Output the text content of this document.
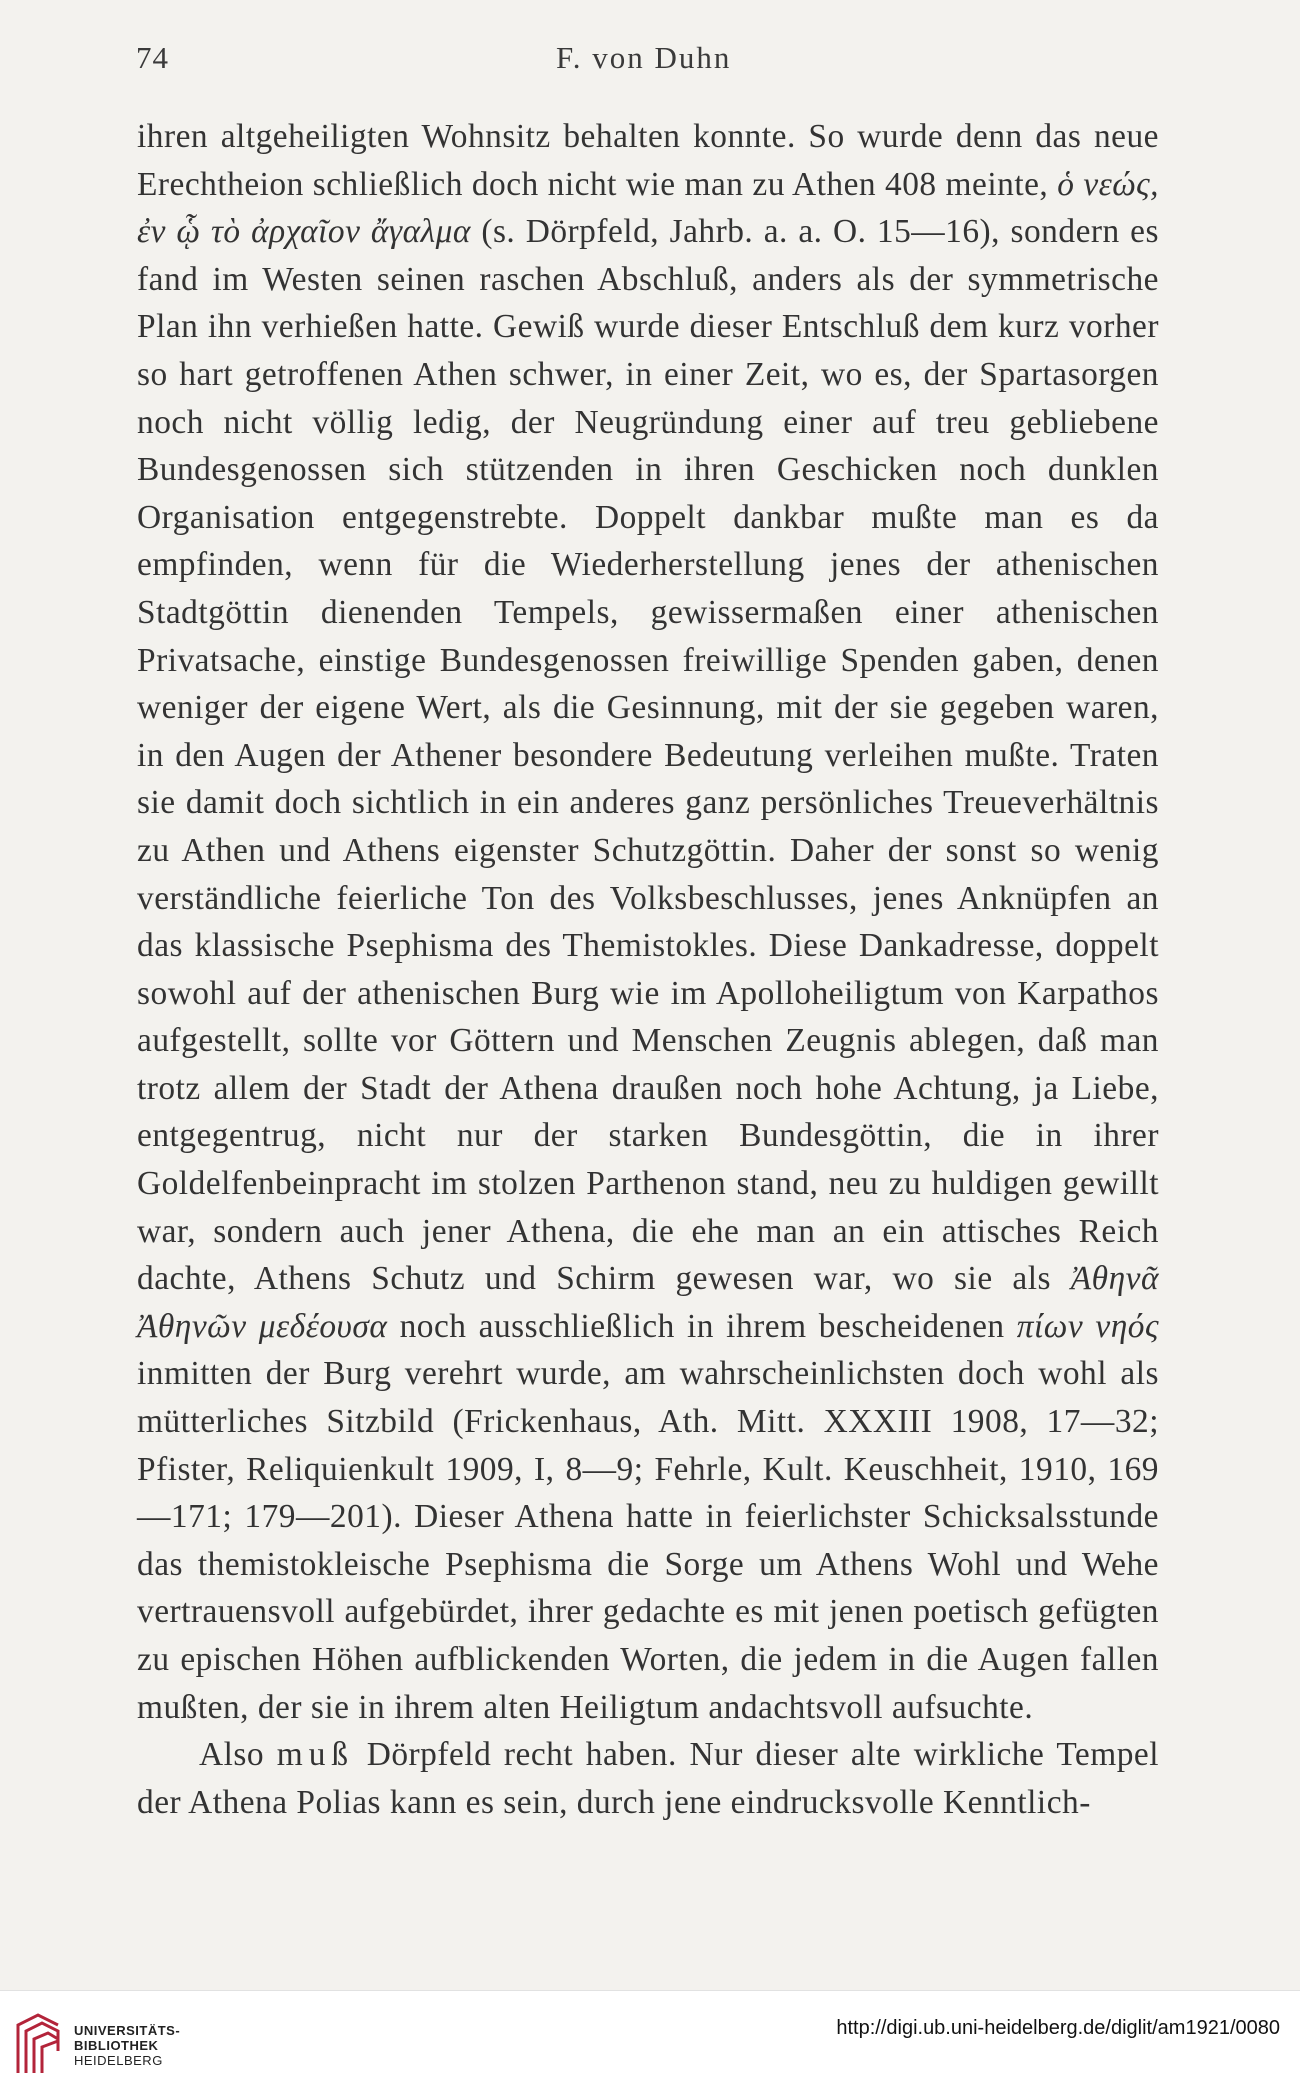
74	F. von Duhn

ihren altgeheiligten Wohnsitz behalten konnte. So wurde denn das neue Erechtheion schließlich doch nicht wie man zu Athen 408 meinte, ὁ νεώς, ἐν ᾧ τὸ ἀρχαῖον ἄγαλμα (s. Dörpfeld, Jahrb. a. a. O. 15—16), sondern es fand im Westen seinen raschen Abschluß, anders als der symmetrische Plan ihn verhießen hatte. Gewiß wurde dieser Entschluß dem kurz vorher so hart getroffenen Athen schwer, in einer Zeit, wo es, der Spartasorgen noch nicht völlig ledig, der Neugründung einer auf treu gebliebene Bundesgenossen sich stützenden in ihren Geschicken noch dunklen Organisation entgegenstrebte. Doppelt dankbar mußte man es da empfinden, wenn für die Wiederherstellung jenes der athenischen Stadtgöttin dienenden Tempels, gewissermaßen einer athenischen Privatsache, einstige Bundesgenossen freiwillige Spenden gaben, denen weniger der eigene Wert, als die Gesinnung, mit der sie gegeben waren, in den Augen der Athener besondere Bedeutung verleihen mußte. Traten sie damit doch sichtlich in ein anderes ganz persönliches Treueverhältnis zu Athen und Athens eigenster Schutzgöttin. Daher der sonst so wenig verständliche feierliche Ton des Volksbeschlusses, jenes Anknüpfen an das klassische Psephisma des Themistokles. Diese Dankadresse, doppelt sowohl auf der athenischen Burg wie im Apolloheiligtum von Karpathos aufgestellt, sollte vor Göttern und Menschen Zeugnis ablegen, daß man trotz allem der Stadt der Athena draußen noch hohe Achtung, ja Liebe, entgegentrug, nicht nur der starken Bundesgöttin, die in ihrer Goldelfenbeinpracht im stolzen Parthenon stand, neu zu huldigen gewillt war, sondern auch jener Athena, die ehe man an ein attisches Reich dachte, Athens Schutz und Schirm gewesen war, wo sie als Ἀθηνᾶ Ἀθηνῶν μεδέουσα noch ausschließlich in ihrem bescheidenen πίων νηός inmitten der Burg verehrt wurde, am wahrscheinlichsten doch wohl als mütterliches Sitzbild (Frickenhaus, Ath. Mitt. XXXIII 1908, 17—32; Pfister, Reliquienkult 1909, I, 8—9; Fehrle, Kult. Keuschheit, 1910, 169—171; 179—201). Dieser Athena hatte in feierlichster Schicksalsstunde das themistokleische Psephisma die Sorge um Athens Wohl und Wehe vertrauensvoll aufgebürdet, ihrer gedachte es mit jenen poetisch gefügten zu epischen Höhen aufblickenden Worten, die jedem in die Augen fallen mußten, der sie in ihrem alten Heiligtum andachtsvoll aufsuchte.

Also muß Dörpfeld recht haben. Nur dieser alte wirkliche Tempel der Athena Polias kann es sein, durch jene eindrucksvolle Kenntlich-

UNIVERSITÄTS-
BIBLIOTHEK
HEIDELBERG
http://digi.ub.uni-heidelberg.de/diglit/am1921/0080
